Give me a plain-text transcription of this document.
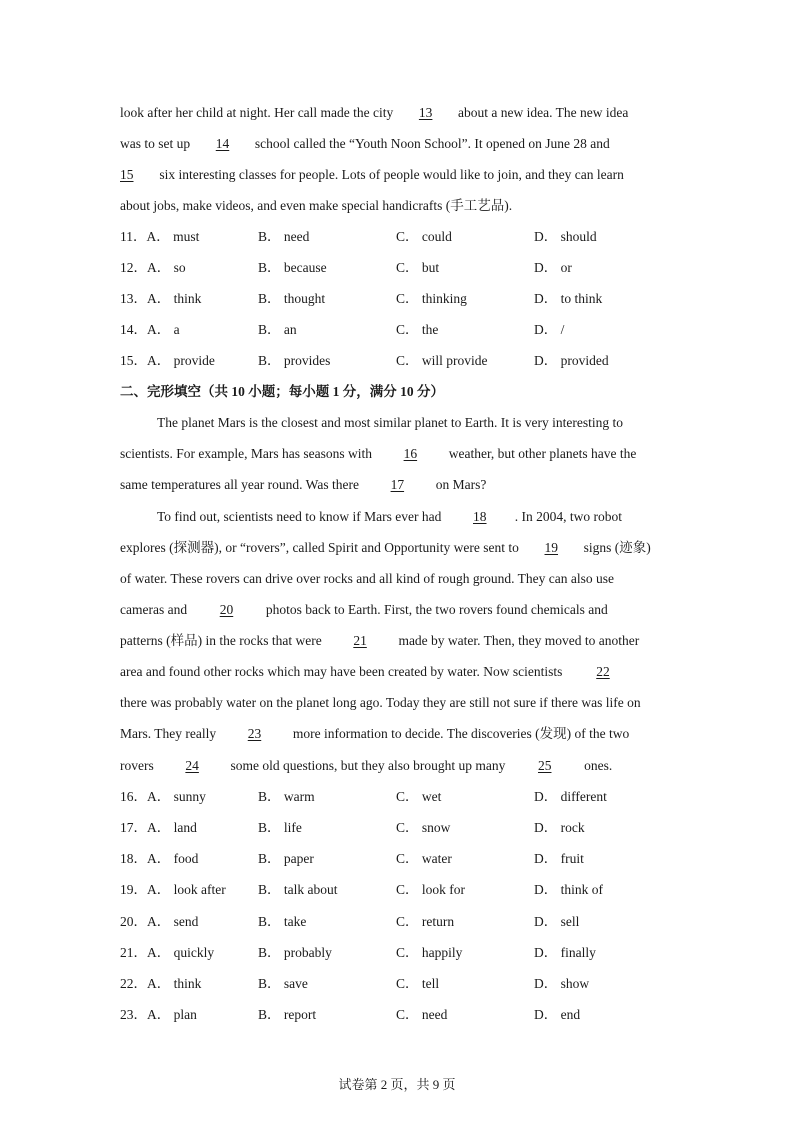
look after her child at night. Her call made the city 13 about a new idea. The new idea
was to set up 14 school called the “Youth Noon School”. It opened on June 28 and
15 six interesting classes for people. Lots of people would like to join, and they can learn
about jobs, make videos, and even make special handicrafts (手工艺品).
11．A． must	B． need	C． could	D． should
12．A． so	B． because	C． but	D． or
13．A． think	B． thought	C． thinking	D． to think
14．A． a	B． an	C． the	D． /
15．A． provide	B． provides	C． will provide	D． provided
二、完形填空（共 10 小题；每小题 1 分，满分 10 分）
The planet Mars is the closest and most similar planet to Earth. It is very interesting to
scientists. For example, Mars has seasons with 16 weather, but other planets have the
same temperatures all year round. Was there 17 on Mars?
To find out, scientists need to know if Mars ever had 18 . In 2004, two robot
explores (探测器), or “rovers”, called Spirit and Opportunity were sent to 19 signs (迹象)
of water. These rovers can drive over rocks and all kind of rough ground. They can also use
cameras and 20 photos back to Earth. First, the two rovers found chemicals and
patterns (样品) in the rocks that were 21 made by water. Then, they moved to another
area and found other rocks which may have been created by water. Now scientists 22
there was probably water on the planet long ago. Today they are still not sure if there was life on
Mars. They really 23 more information to decide. The discoveries (发现) of the two
rovers 24 some old questions, but they also brought up many 25 ones.
16．A． sunny	B． warm	C． wet	D． different
17．A． land	B． life	C． snow	D． rock
18．A． food	B． paper	C． water	D． fruit
19．A． look after B． talk about	C． look for	D． think of
20．A． send	B． take	C． return	D． sell
21．A． quickly	B． probably	C． happily	D． finally
22．A． think	B． save	C． tell	D． show
23．A． plan	B． report	C． need	D． end
试卷第 2 页，共 9 页
